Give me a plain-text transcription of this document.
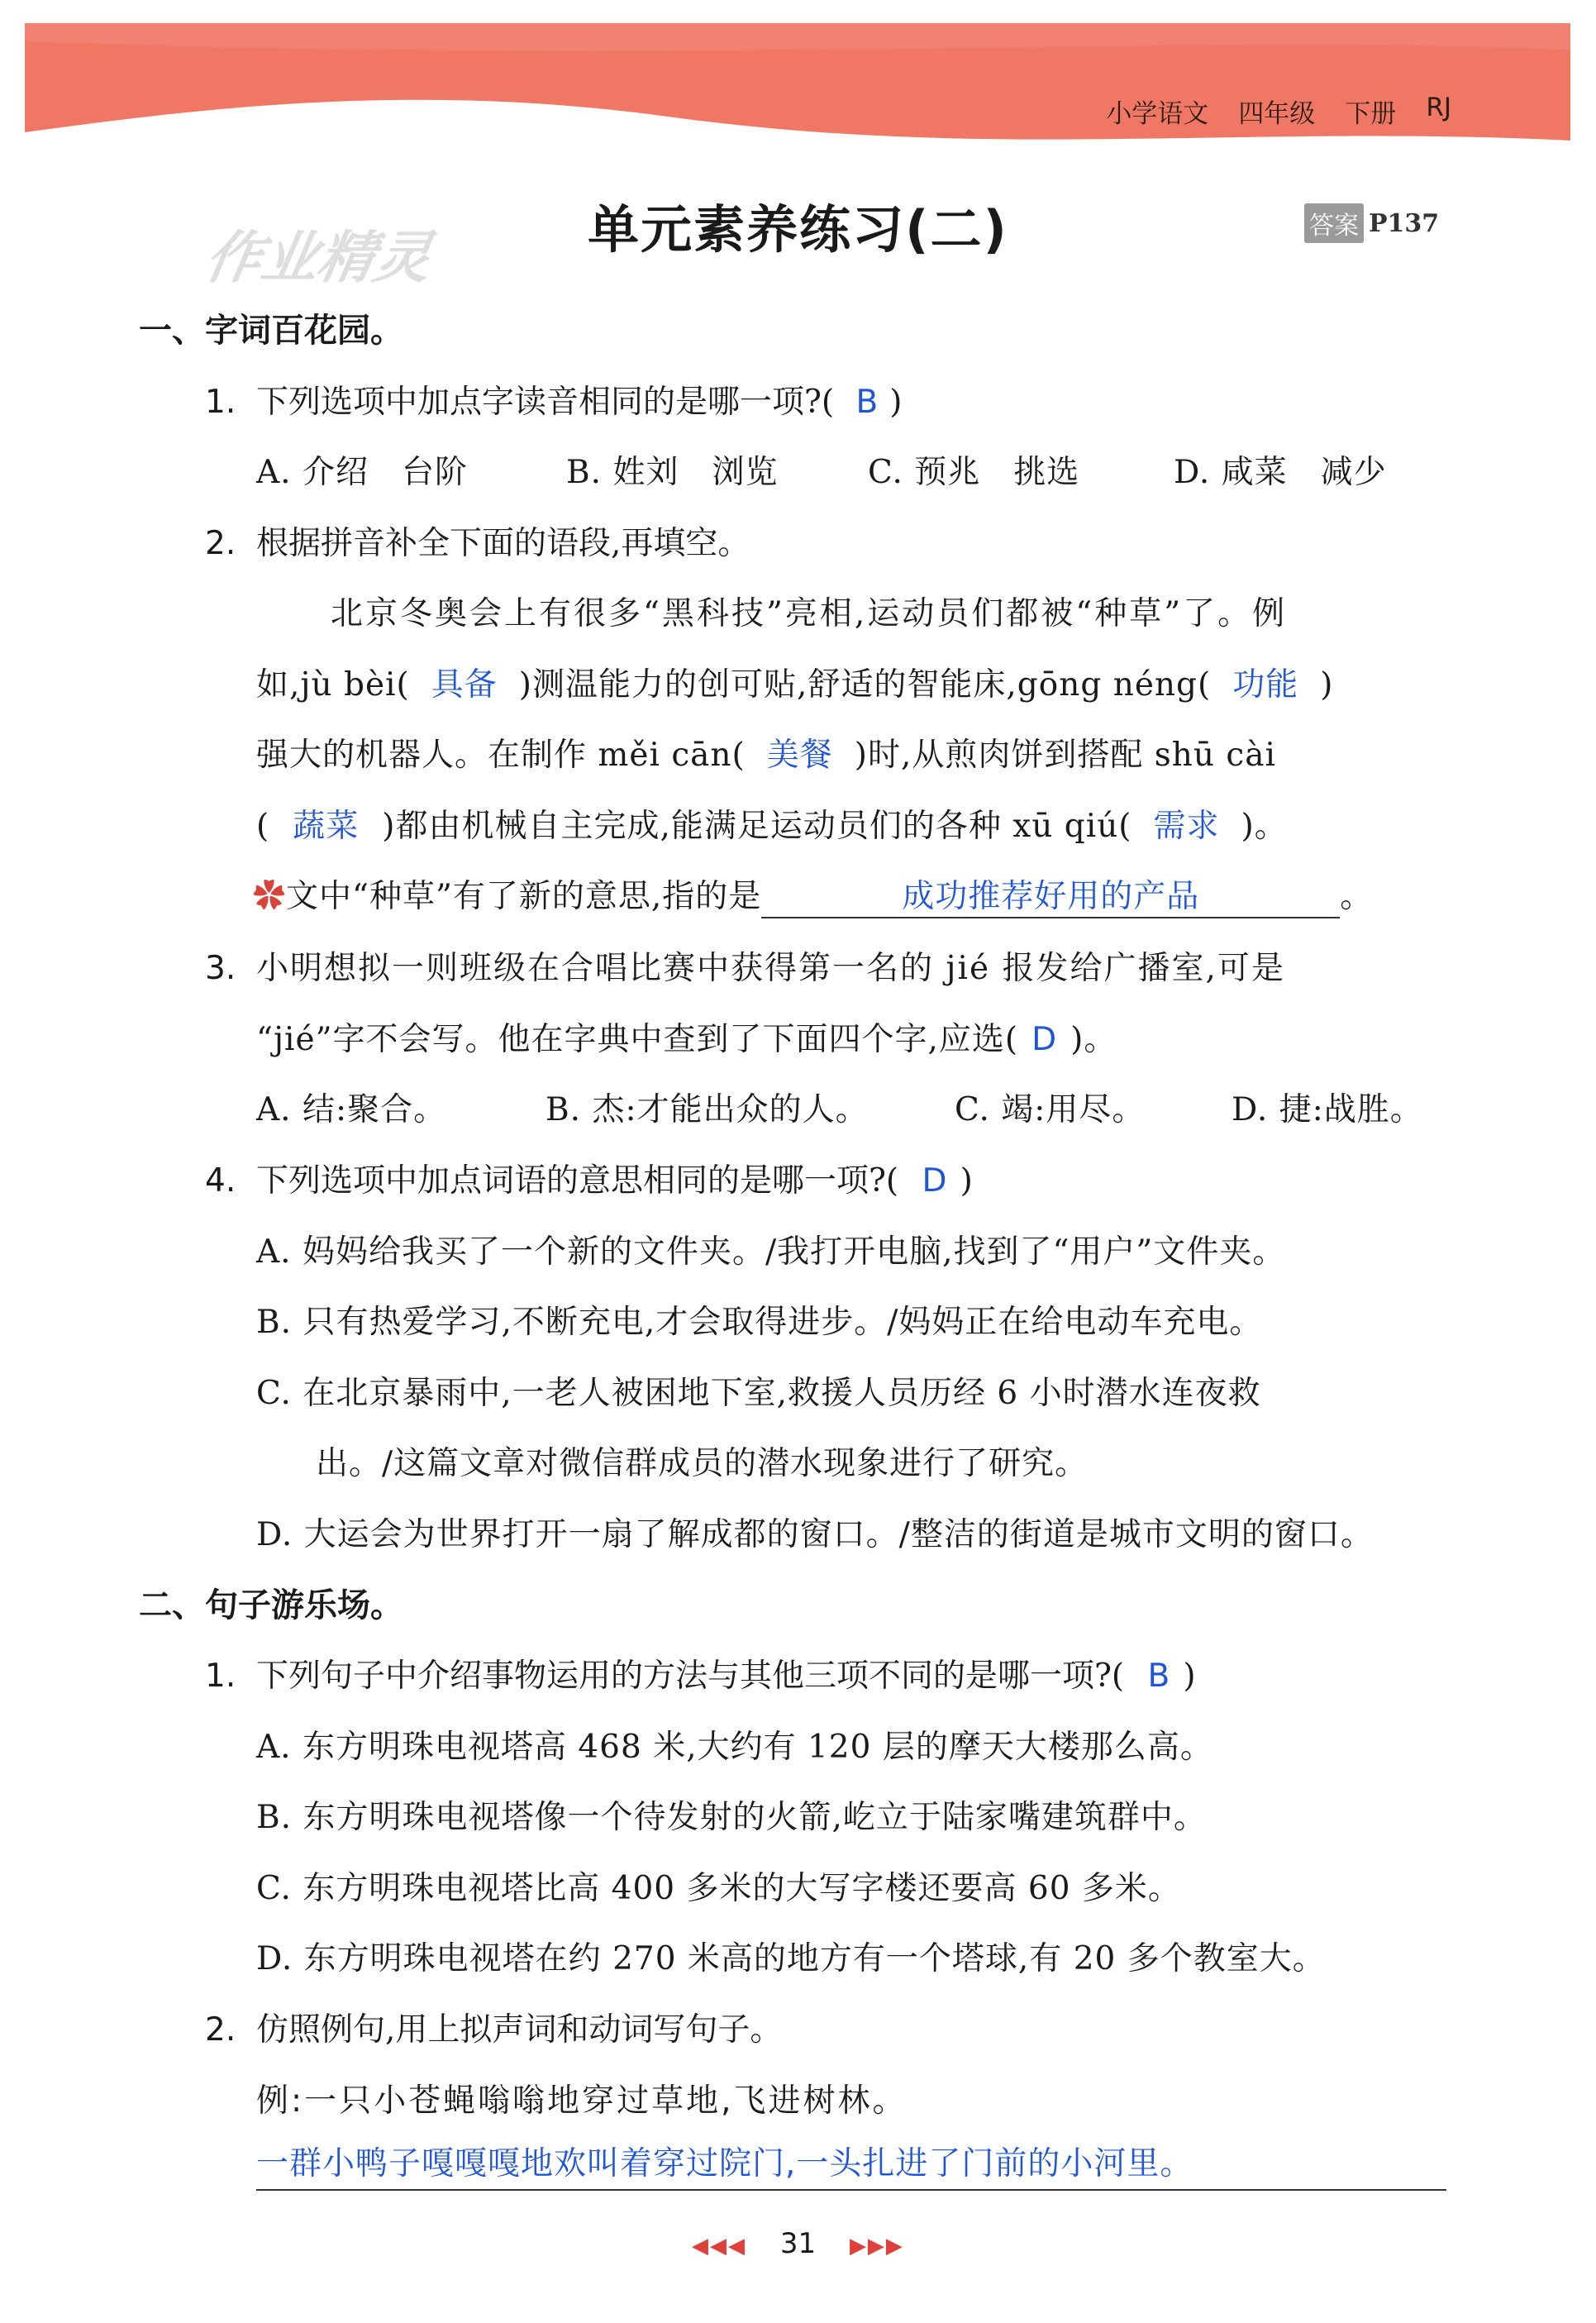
小学语文 四年级 下册 RJ
作业精灵	单元素养练习(二)	答案 P137
一、字词百花园。
1. 下列选项中加点字读音相同的是哪一项?( B )
A. 介绍　台阶	B. 姓刘　浏览	C. 预兆　挑选	D. 咸菜　减少
2. 根据拼音补全下面的语段,再填空。
北京冬奥会上有很多“黑科技”亮相,运动员们都被“种草”了。例
如,jù bèi( 具备 )测温能力的创可贴,舒适的智能床,gōng néng( 功能 )
强大的机器人。在制作 měi cān( 美餐 )时,从煎肉饼到搭配 shū cài
( 蔬菜 )都由机械自主完成,能满足运动员们的各种 xū qiú( 需求 )。
✿文中“种草”有了新的意思,指的是	成功推荐好用的产品	。
3. 小明想拟一则班级在合唱比赛中获得第一名的 jié 报发给广播室,可是
“jié”字不会写。他在字典中查到了下面四个字,应选( D )。
A. 结:聚合。	B. 杰:才能出众的人。	C. 竭:用尽。	D. 捷:战胜。
4. 下列选项中加点词语的意思相同的是哪一项?( D )
A. 妈妈给我买了一个新的文件夹。/我打开电脑,找到了“用户”文件夹。
B. 只有热爱学习,不断充电,才会取得进步。/妈妈正在给电动车充电。
C. 在北京暴雨中,一老人被困地下室,救援人员历经 6 小时潜水连夜救
出。/这篇文章对微信群成员的潜水现象进行了研究。
D. 大运会为世界打开一扇了解成都的窗口。/整洁的街道是城市文明的窗口。
二、句子游乐场。
1. 下列句子中介绍事物运用的方法与其他三项不同的是哪一项?( B )
A. 东方明珠电视塔高 468 米,大约有 120 层的摩天大楼那么高。
B. 东方明珠电视塔像一个待发射的火箭,屹立于陆家嘴建筑群中。
C. 东方明珠电视塔比高 400 多米的大写字楼还要高 60 多米。
D. 东方明珠电视塔在约 270 米高的地方有一个塔球,有 20 多个教室大。
2. 仿照例句,用上拟声词和动词写句子。
例:一只小苍蝇嗡嗡地穿过草地,飞进树林。
一群小鸭子嘎嘎嘎地欢叫着穿过院门,一头扎进了门前的小河里。
◀◀◀ 31 ▶▶▶
